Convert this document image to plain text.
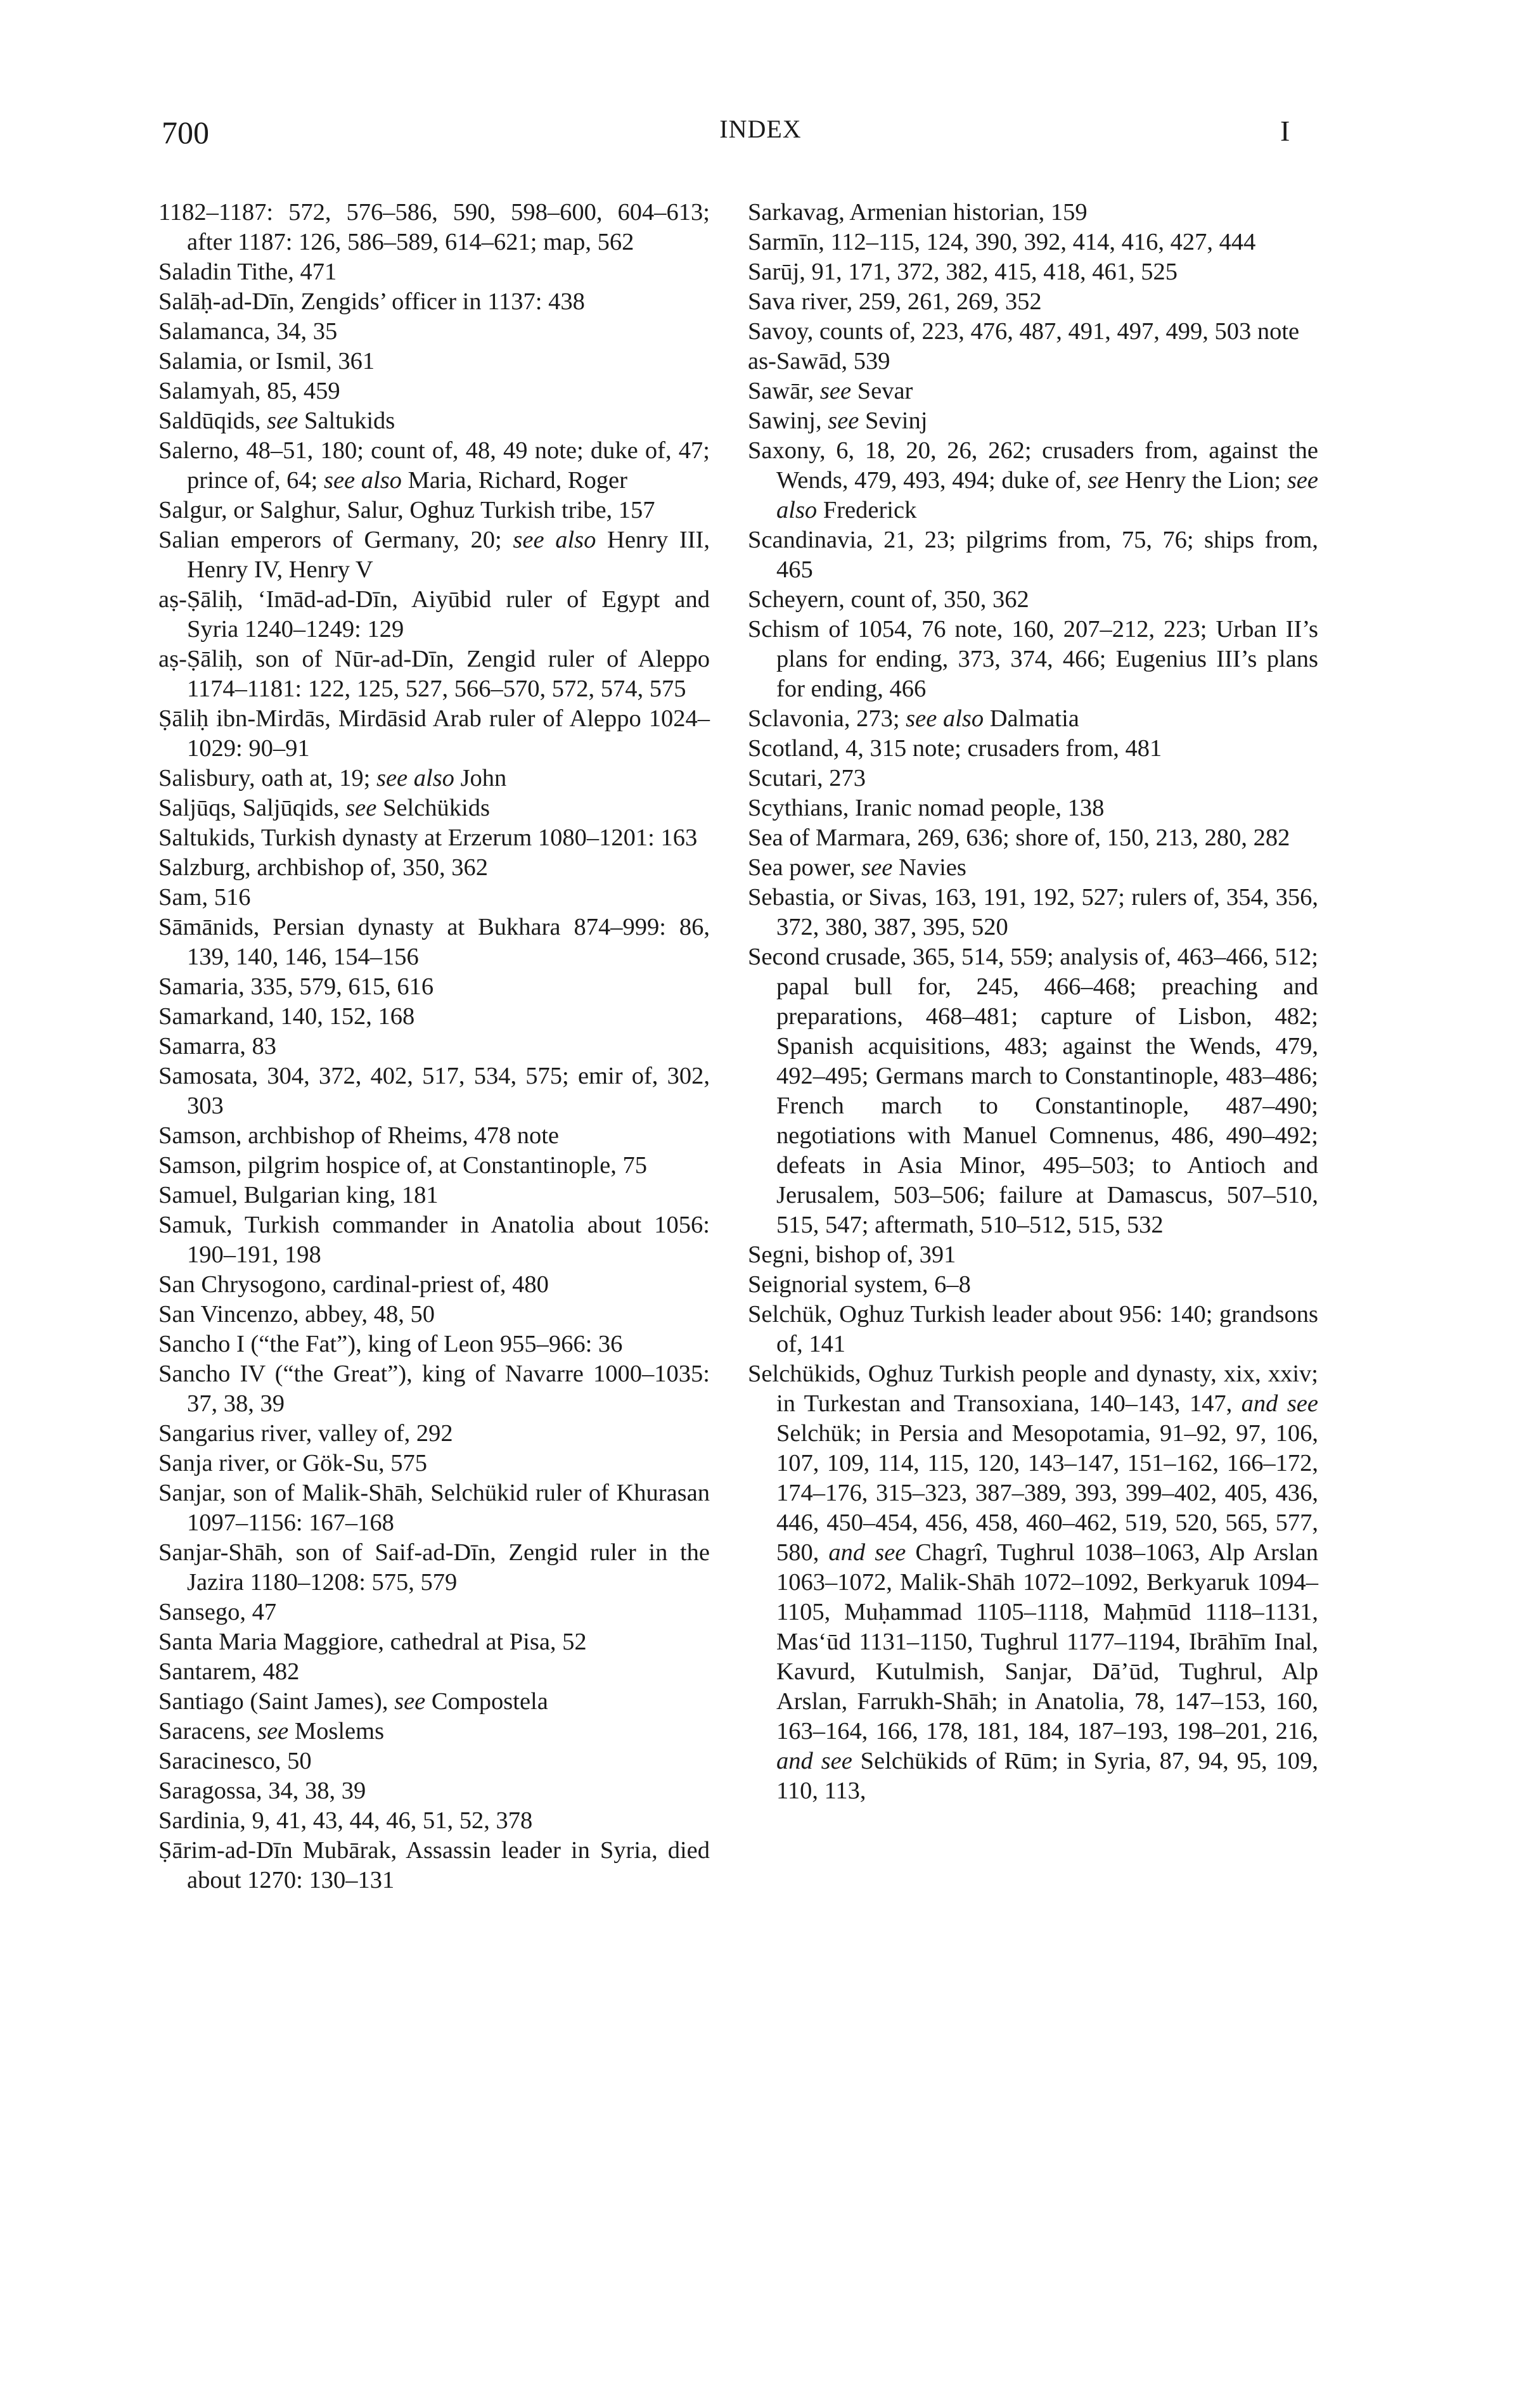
700	INDEX	I
1182–1187: 572, 576–586, 590, 598–600, 604–613; after 1187: 126, 586–589, 614–621; map, 562
Saladin Tithe, 471
Salāḥ-ad-Dīn, Zengids’ officer in 1137: 438
Salamanca, 34, 35
Salamia, or Ismil, 361
Salamyah, 85, 459
Saldūqids, see Saltukids
Salerno, 48–51, 180; count of, 48, 49 note; duke of, 47; prince of, 64; see also Maria, Richard, Roger
Salgur, or Salghur, Salur, Oghuz Turkish tribe, 157
Salian emperors of Germany, 20; see also Henry III, Henry IV, Henry V
aṣ-Ṣāliḥ, ‘Imād-ad-Dīn, Aiyūbid ruler of Egypt and Syria 1240–1249: 129
aṣ-Ṣāliḥ, son of Nūr-ad-Dīn, Zengid ruler of Aleppo 1174–1181: 122, 125, 527, 566–570, 572, 574, 575
Ṣāliḥ ibn-Mirdās, Mirdāsid Arab ruler of Aleppo 1024–1029: 90–91
Salisbury, oath at, 19; see also John
Saljūqs, Saljūqids, see Selchükids
Saltukids, Turkish dynasty at Erzerum 1080–1201: 163
Salzburg, archbishop of, 350, 362
Sam, 516
Sāmānids, Persian dynasty at Bukhara 874–999: 86, 139, 140, 146, 154–156
Samaria, 335, 579, 615, 616
Samarkand, 140, 152, 168
Samarra, 83
Samosata, 304, 372, 402, 517, 534, 575; emir of, 302, 303
Samson, archbishop of Rheims, 478 note
Samson, pilgrim hospice of, at Constantinople, 75
Samuel, Bulgarian king, 181
Samuk, Turkish commander in Anatolia about 1056: 190–191, 198
San Chrysogono, cardinal-priest of, 480
San Vincenzo, abbey, 48, 50
Sancho I (“the Fat”), king of Leon 955–966: 36
Sancho IV (“the Great”), king of Navarre 1000–1035: 37, 38, 39
Sangarius river, valley of, 292
Sanja river, or Gök-Su, 575
Sanjar, son of Malik-Shāh, Selchükid ruler of Khurasan 1097–1156: 167–168
Sanjar-Shāh, son of Saif-ad-Dīn, Zengid ruler in the Jazira 1180–1208: 575, 579
Sansego, 47
Santa Maria Maggiore, cathedral at Pisa, 52
Santarem, 482
Santiago (Saint James), see Compostela
Saracens, see Moslems
Saracinesco, 50
Saragossa, 34, 38, 39
Sardinia, 9, 41, 43, 44, 46, 51, 52, 378
Ṣārim-ad-Dīn Mubārak, Assassin leader in Syria, died about 1270: 130–131
Sarkavag, Armenian historian, 159
Sarmīn, 112–115, 124, 390, 392, 414, 416, 427, 444
Sarūj, 91, 171, 372, 382, 415, 418, 461, 525
Sava river, 259, 261, 269, 352
Savoy, counts of, 223, 476, 487, 491, 497, 499, 503 note
as-Sawād, 539
Sawār, see Sevar
Sawinj, see Sevinj
Saxony, 6, 18, 20, 26, 262; crusaders from, against the Wends, 479, 493, 494; duke of, see Henry the Lion; see also Frederick
Scandinavia, 21, 23; pilgrims from, 75, 76; ships from, 465
Scheyern, count of, 350, 362
Schism of 1054, 76 note, 160, 207–212, 223; Urban II’s plans for ending, 373, 374, 466; Eugenius III’s plans for ending, 466
Sclavonia, 273; see also Dalmatia
Scotland, 4, 315 note; crusaders from, 481
Scutari, 273
Scythians, Iranic nomad people, 138
Sea of Marmara, 269, 636; shore of, 150, 213, 280, 282
Sea power, see Navies
Sebastia, or Sivas, 163, 191, 192, 527; rulers of, 354, 356, 372, 380, 387, 395, 520
Second crusade, 365, 514, 559; analysis of, 463–466, 512; papal bull for, 245, 466–468; preaching and preparations, 468–481; capture of Lisbon, 482; Spanish acquisitions, 483; against the Wends, 479, 492–495; Germans march to Constantinople, 483–486; French march to Constantinople, 487–490; negotiations with Manuel Comnenus, 486, 490–492; defeats in Asia Minor, 495–503; to Antioch and Jerusalem, 503–506; failure at Damascus, 507–510, 515, 547; aftermath, 510–512, 515, 532
Segni, bishop of, 391
Seignorial system, 6–8
Selchük, Oghuz Turkish leader about 956: 140; grandsons of, 141
Selchükids, Oghuz Turkish people and dynasty, xix, xxiv; in Turkestan and Transoxiana, 140–143, 147, and see Selchük; in Persia and Mesopotamia, 91–92, 97, 106, 107, 109, 114, 115, 120, 143–147, 151–162, 166–172, 174–176, 315–323, 387–389, 393, 399–402, 405, 436, 446, 450–454, 456, 458, 460–462, 519, 520, 565, 577, 580, and see Chagrî, Tughrul 1038–1063, Alp Arslan 1063–1072, Malik-Shāh 1072–1092, Berkyaruk 1094–1105, Muḥammad 1105–1118, Maḥmūd 1118–1131, Mas‘ūd 1131–1150, Tughrul 1177–1194, Ibrāhīm Inal, Kavurd, Kutulmish, Sanjar, Dā’ūd, Tughrul, Alp Arslan, Farrukh-Shāh; in Anatolia, 78, 147–153, 160, 163–164, 166, 178, 181, 184, 187–193, 198–201, 216, and see Selchükids of Rūm; in Syria, 87, 94, 95, 109, 110, 113,
